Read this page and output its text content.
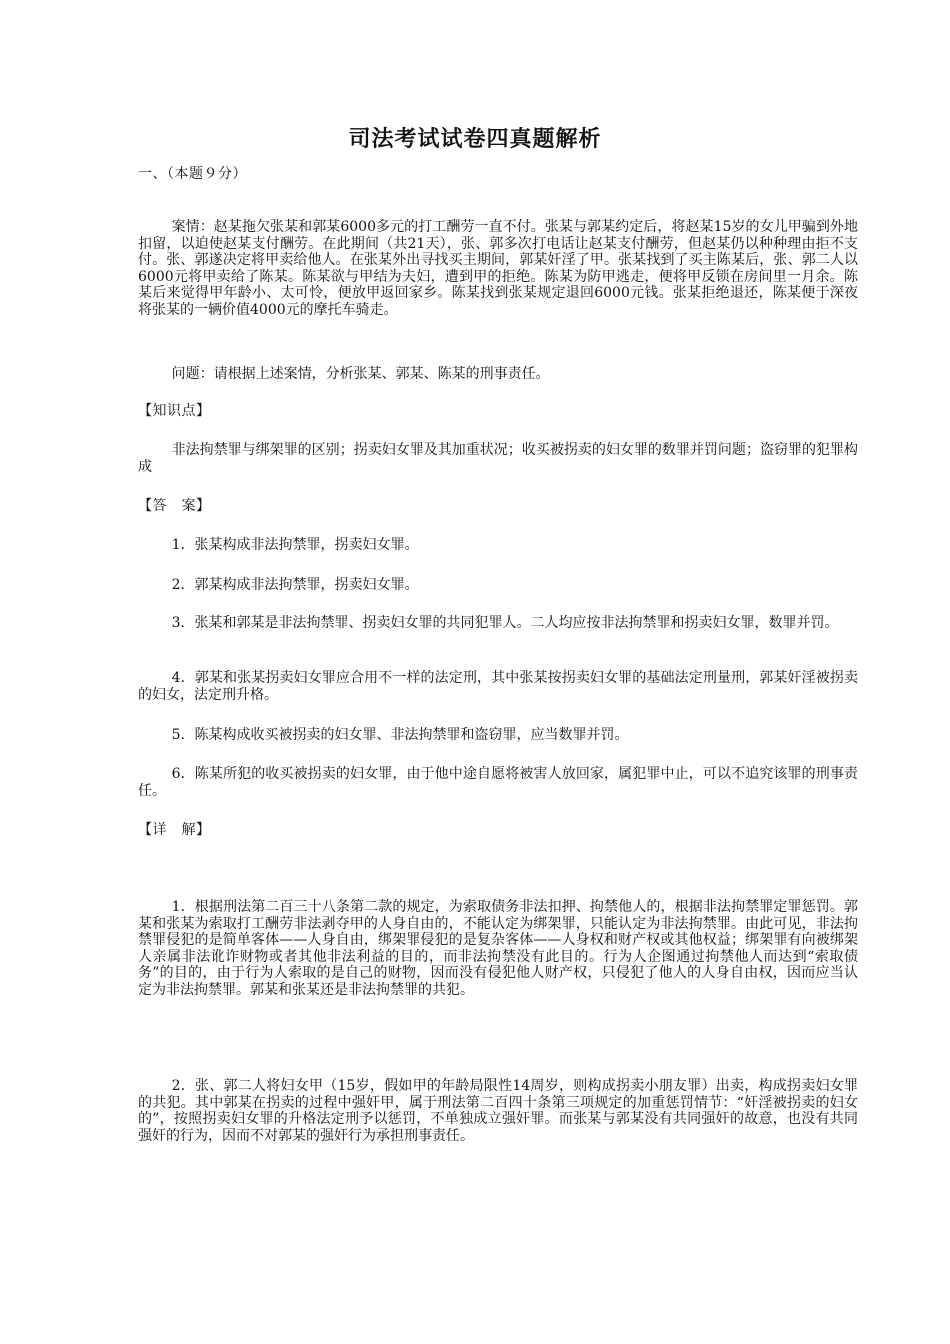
司法考试试卷四真题解析

一、（本题９分）

案情：赵某拖欠张某和郭某6000多元的打工酬劳一直不付。张某与郭某约定后，将赵某15岁的女儿甲骗到外地扣留，以迫使赵某支付酬劳。在此期间（共21天），张、郭多次打电话让赵某支付酬劳，但赵某仍以种种理由拒不支付。张、郭遂决定将甲卖给他人。在张某外出寻找买主期间，郭某奸淫了甲。张某找到了买主陈某后，张、郭二人以6000元将甲卖给了陈某。陈某欲与甲结为夫妇，遭到甲的拒绝。陈某为防甲逃走，便将甲反锁在房间里一月余。陈某后来觉得甲年龄小、太可怜，便放甲返回家乡。陈某找到张某规定退回6000元钱。张某拒绝退还，陈某便于深夜将张某的一辆价值4000元的摩托车骑走。

问题：请根据上述案情，分析张某、郭某、陈某的刑事责任。

【知识点】

非法拘禁罪与绑架罪的区别；拐卖妇女罪及其加重状况；收买被拐卖的妇女罪的数罪并罚问题；盗窃罪的犯罪构成

【答　案】

1．张某构成非法拘禁罪，拐卖妇女罪。

2．郭某构成非法拘禁罪，拐卖妇女罪。

3．张某和郭某是非法拘禁罪、拐卖妇女罪的共同犯罪人。二人均应按非法拘禁罪和拐卖妇女罪，数罪并罚。

4．郭某和张某拐卖妇女罪应合用不一样的法定刑，其中张某按拐卖妇女罪的基础法定刑量刑，郭某奸淫被拐卖的妇女，法定刑升格。

5．陈某构成收买被拐卖的妇女罪、非法拘禁罪和盗窃罪，应当数罪并罚。

6．陈某所犯的收买被拐卖的妇女罪，由于他中途自愿将被害人放回家，属犯罪中止，可以不追究该罪的刑事责任。

【详　解】

1．根据刑法第二百三十八条第二款的规定，为索取债务非法扣押、拘禁他人的，根据非法拘禁罪定罪惩罚。郭某和张某为索取打工酬劳非法剥夺甲的人身自由的，不能认定为绑架罪，只能认定为非法拘禁罪。由此可见，非法拘禁罪侵犯的是简单客体——人身自由，绑架罪侵犯的是复杂客体——人身权和财产权或其他权益；绑架罪有向被绑架人亲属非法讹诈财物或者其他非法利益的目的，而非法拘禁没有此目的。行为人企图通过拘禁他人而达到“索取债务”的目的，由于行为人索取的是自己的财物，因而没有侵犯他人财产权，只侵犯了他人的人身自由权，因而应当认定为非法拘禁罪。郭某和张某还是非法拘禁罪的共犯。

2．张、郭二人将妇女甲（15岁，假如甲的年龄局限性14周岁，则构成拐卖小朋友罪）出卖，构成拐卖妇女罪的共犯。其中郭某在拐卖的过程中强奸甲，属于刑法第二百四十条第三项规定的加重惩罚情节：“奸淫被拐卖的妇女的”，按照拐卖妇女罪的升格法定刑予以惩罚，不单独成立强奸罪。而张某与郭某没有共同强奸的故意，也没有共同强奸的行为，因而不对郭某的强奸行为承担刑事责任。
